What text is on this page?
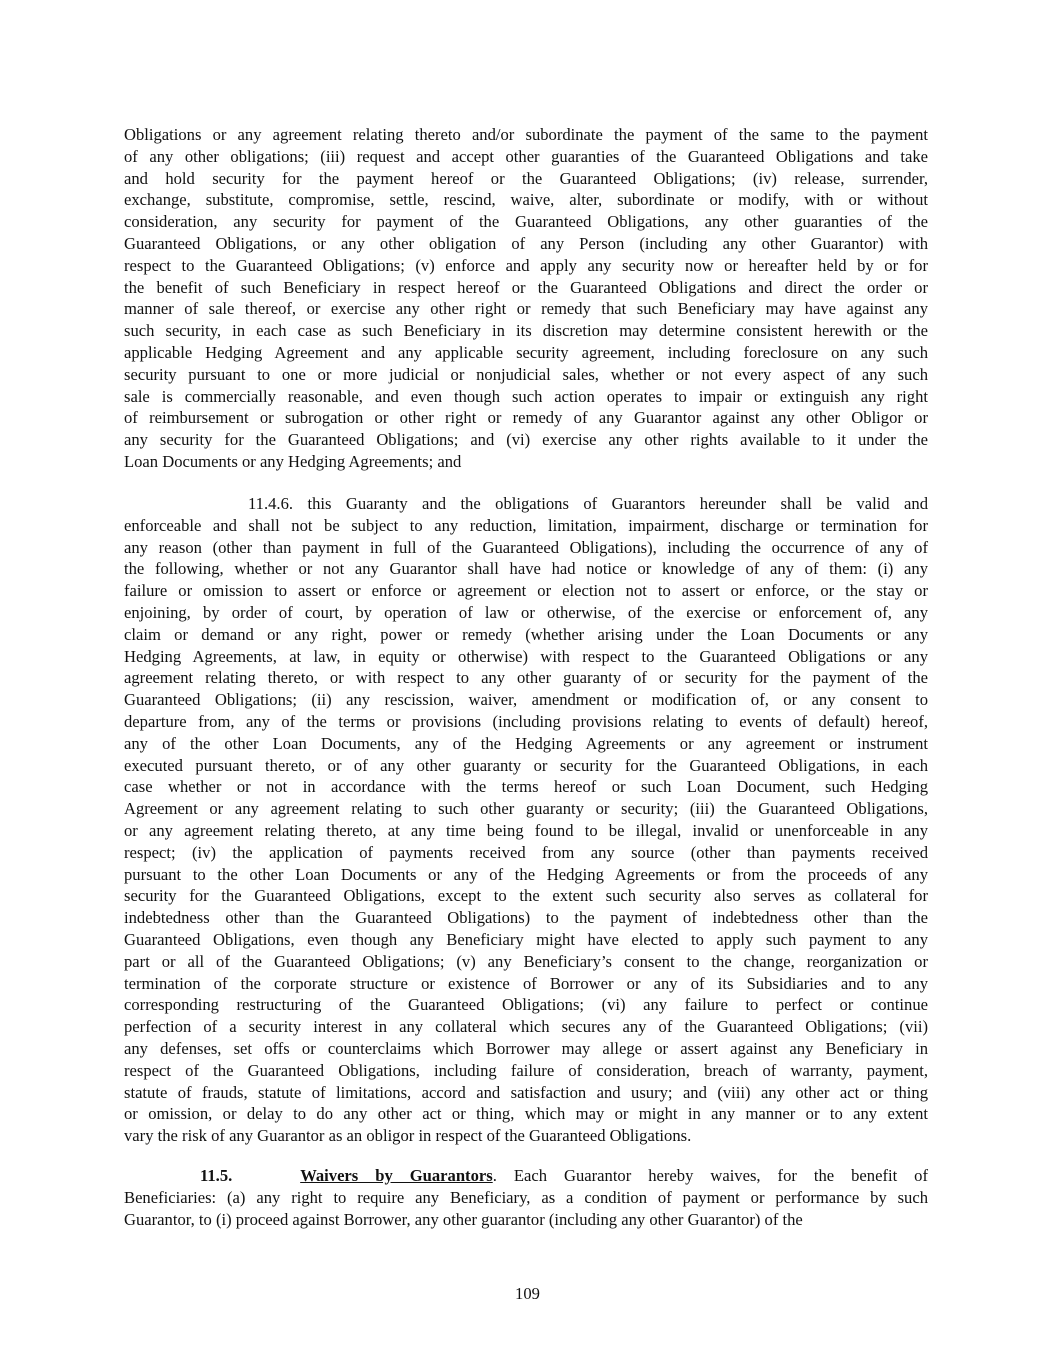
Obligations or any agreement relating thereto and/or subordinate the payment of the same to the payment
of any other obligations; (iii) request and accept other guaranties of the Guaranteed Obligations and take
and hold security for the payment hereof or the Guaranteed Obligations; (iv) release, surrender,
exchange, substitute, compromise, settle, rescind, waive, alter, subordinate or modify, with or without
consideration, any security for payment of the Guaranteed Obligations, any other guaranties of the
Guaranteed Obligations, or any other obligation of any Person (including any other Guarantor) with
respect to the Guaranteed Obligations; (v) enforce and apply any security now or hereafter held by or for
the benefit of such Beneficiary in respect hereof or the Guaranteed Obligations and direct the order or
manner of sale thereof, or exercise any other right or remedy that such Beneficiary may have against any
such security, in each case as such Beneficiary in its discretion may determine consistent herewith or the
applicable Hedging Agreement and any applicable security agreement, including foreclosure on any such
security pursuant to one or more judicial or nonjudicial sales, whether or not every aspect of any such
sale is commercially reasonable, and even though such action operates to impair or extinguish any right
of reimbursement or subrogation or other right or remedy of any Guarantor against any other Obligor or
any security for the Guaranteed Obligations; and (vi) exercise any other rights available to it under the
Loan Documents or any Hedging Agreements; and
11.4.6. this Guaranty and the obligations of Guarantors hereunder shall be valid and
enforceable and shall not be subject to any reduction, limitation, impairment, discharge or termination for
any reason (other than payment in full of the Guaranteed Obligations), including the occurrence of any of
the following, whether or not any Guarantor shall have had notice or knowledge of any of them: (i) any
failure or omission to assert or enforce or agreement or election not to assert or enforce, or the stay or
enjoining, by order of court, by operation of law or otherwise, of the exercise or enforcement of, any
claim or demand or any right, power or remedy (whether arising under the Loan Documents or any
Hedging Agreements, at law, in equity or otherwise) with respect to the Guaranteed Obligations or any
agreement relating thereto, or with respect to any other guaranty of or security for the payment of the
Guaranteed Obligations; (ii) any rescission, waiver, amendment or modification of, or any consent to
departure from, any of the terms or provisions (including provisions relating to events of default) hereof,
any of the other Loan Documents, any of the Hedging Agreements or any agreement or instrument
executed pursuant thereto, or of any other guaranty or security for the Guaranteed Obligations, in each
case whether or not in accordance with the terms hereof or such Loan Document, such Hedging
Agreement or any agreement relating to such other guaranty or security; (iii) the Guaranteed Obligations,
or any agreement relating thereto, at any time being found to be illegal, invalid or unenforceable in any
respect; (iv) the application of payments received from any source (other than payments received
pursuant to the other Loan Documents or any of the Hedging Agreements or from the proceeds of any
security for the Guaranteed Obligations, except to the extent such security also serves as collateral for
indebtedness other than the Guaranteed Obligations) to the payment of indebtedness other than the
Guaranteed Obligations, even though any Beneficiary might have elected to apply such payment to any
part or all of the Guaranteed Obligations; (v) any Beneficiary’s consent to the change, reorganization or
termination of the corporate structure or existence of Borrower or any of its Subsidiaries and to any
corresponding restructuring of the Guaranteed Obligations; (vi) any failure to perfect or continue
perfection of a security interest in any collateral which secures any of the Guaranteed Obligations; (vii)
any defenses, set offs or counterclaims which Borrower may allege or assert against any Beneficiary in
respect of the Guaranteed Obligations, including failure of consideration, breach of warranty, payment,
statute of frauds, statute of limitations, accord and satisfaction and usury; and (viii) any other act or thing
or omission, or delay to do any other act or thing, which may or might in any manner or to any extent
vary the risk of any Guarantor as an obligor in respect of the Guaranteed Obligations.
11.5.	Waivers by Guarantors. Each Guarantor hereby waives, for the benefit of
Beneficiaries: (a) any right to require any Beneficiary, as a condition of payment or performance by such
Guarantor, to (i) proceed against Borrower, any other guarantor (including any other Guarantor) of the
109
